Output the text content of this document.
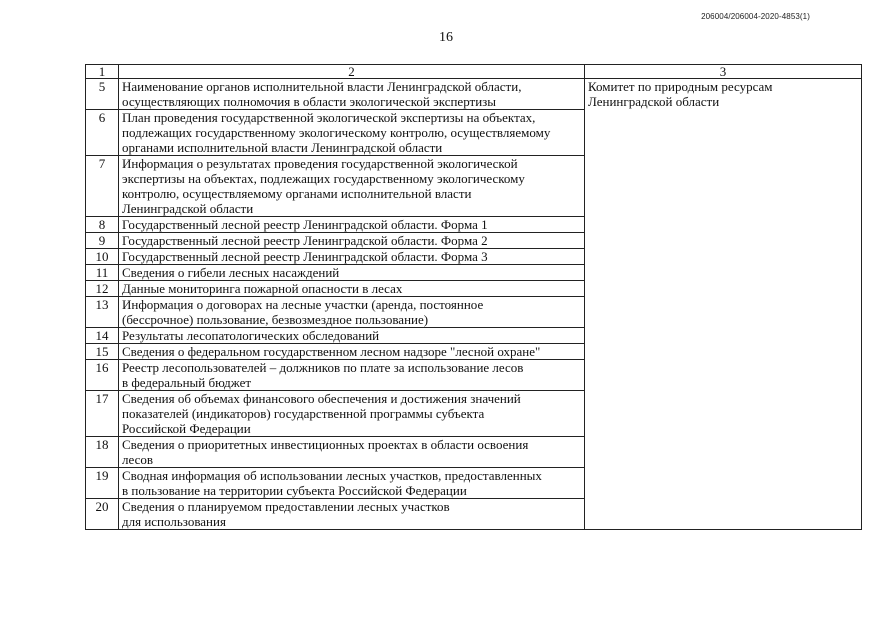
206004/206004-2020-4853(1)
16
1	2	3
5	Наименование органов исполнительной власти Ленинградской области,
осуществляющих полномочия в области экологической экспертизы	Комитет по природным ресурсам Ленинградской области
6	План проведения государственной экологической экспертизы на объектах,
подлежащих государственному экологическому контролю, осуществляемому
органами исполнительной власти Ленинградской области	

7	Информация о результатах проведения государственной экологической
экспертизы на объектах, подлежащих государственному экологическому
контролю, осуществляемому органами исполнительной власти
Ленинградской области	

8	Государственный лесной реестр Ленинградской области. Форма 1	

9	Государственный лесной реестр Ленинградской области. Форма 2	

10	Государственный лесной реестр Ленинградской области. Форма 3	

11	Сведения о гибели лесных насаждений	

12	Данные мониторинга пожарной опасности в лесах	

13	Информация о договорах на лесные участки (аренда, постоянное
(бессрочное) пользование, безвозмездное пользование)	

14	Результаты лесопатологических обследований	

15	Сведения о федеральном государственном лесном надзоре "лесной охране"	

16	Реестр лесопользователей – должников по плате за использование лесов
в федеральный бюджет	

17	Сведения об объемах финансового обеспечения и достижения значений
показателей (индикаторов) государственной программы субъекта
Российской Федерации	

18	Сведения о приоритетных инвестиционных проектах в области освоения
лесов	

19	Сводная информация об использовании лесных участков, предоставленных
в пользование на территории субъекта Российской Федерации	

20	Сведения о планируемом предоставлении лесных участков
для использования	
